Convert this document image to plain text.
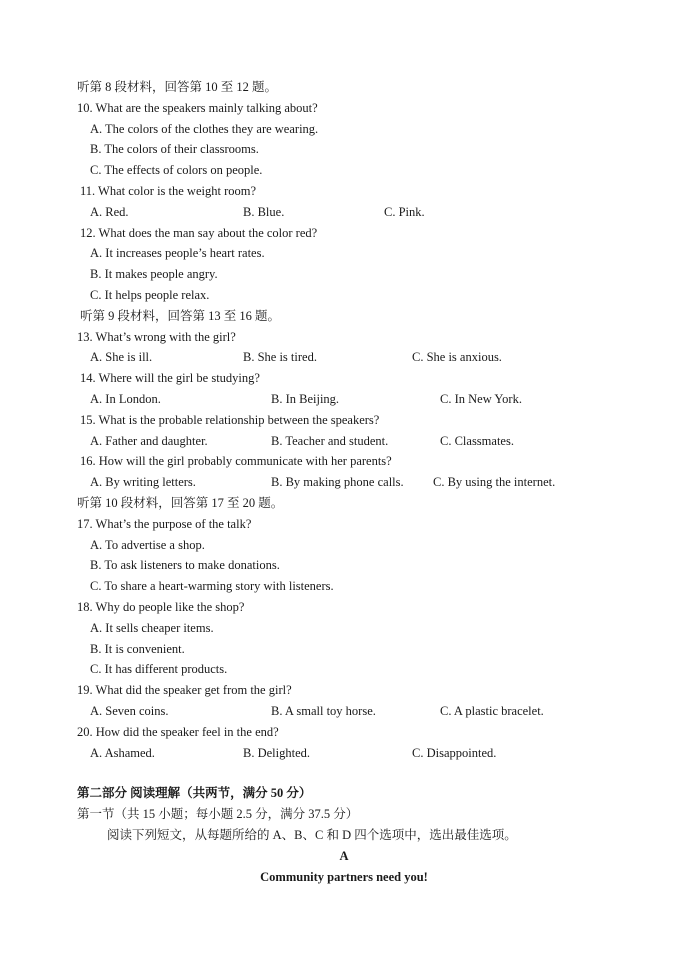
听第 8 段材料，回答第 10 至 12 题。
10. What are the speakers mainly talking about?
A. The colors of the clothes they are wearing.
B. The colors of their classrooms.
C. The effects of colors on people.
11. What color is the weight room?
A. Red.	B. Blue.	C. Pink.
12. What does the man say about the color red?
A. It increases people’s heart rates.
B. It makes people angry.
C. It helps people relax.
听第 9 段材料，回答第 13 至 16 题。
13. What’s wrong with the girl?
A. She is ill.	B. She is tired.	C. She is anxious.
14. Where will the girl be studying?
A. In London.	B. In Beijing.	C. In New York.
15. What is the probable relationship between the speakers?
A. Father and daughter.	B. Teacher and student.	C. Classmates.
16. How will the girl probably communicate with her parents?
A. By writing letters.	B. By making phone calls. C. By using the internet.
听第 10 段材料，回答第 17 至 20 题。
17. What’s the purpose of the talk?
A. To advertise a shop.
B. To ask listeners to make donations.
C. To share a heart-warming story with listeners.
18. Why do people like the shop?
A. It sells cheaper items.
B. It is convenient.
C. It has different products.
19. What did the speaker get from the girl?
A. Seven coins.	B. A small toy horse.	C. A plastic bracelet.
20. How did the speaker feel in the end?
A. Ashamed.	B. Delighted.	C. Disappointed.
第二部分 阅读理解（共两节，满分 50 分）
第一节（共 15 小题；每小题 2.5 分，满分 37.5 分）
阅读下列短文，从每题所给的 A、B、C 和 D 四个选项中，选出最佳选项。
A
Community partners need you!
